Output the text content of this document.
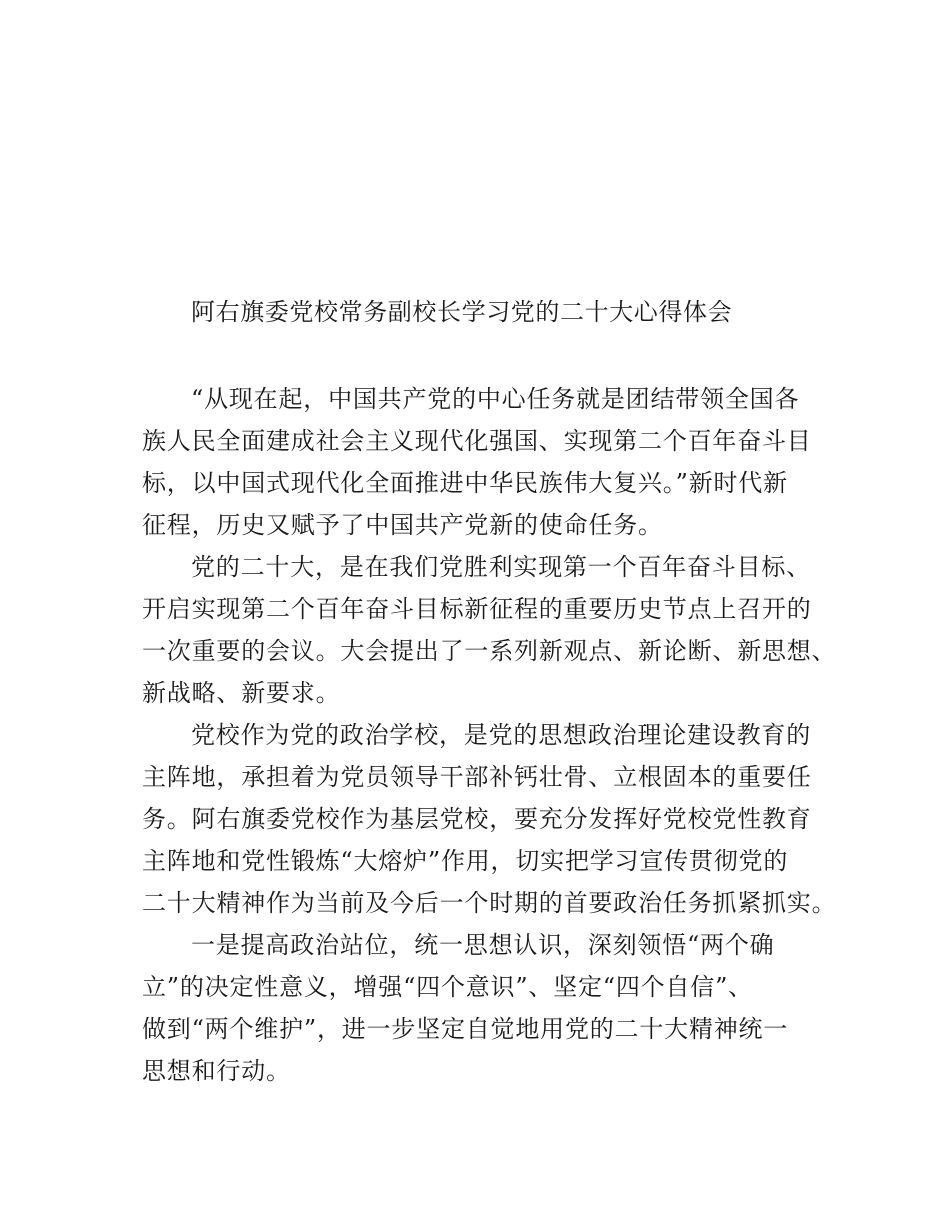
阿右旗委党校常务副校长学习党的二十大心得体会
“从现在起，中国共产党的中心任务就是团结带领全国各
族人民全面建成社会主义现代化强国、实现第二个百年奋斗目
标，以中国式现代化全面推进中华民族伟大复兴。”新时代新
征程，历史又赋予了中国共产党新的使命任务。
党的二十大，是在我们党胜利实现第一个百年奋斗目标、
开启实现第二个百年奋斗目标新征程的重要历史节点上召开的
一次重要的会议。大会提出了一系列新观点、新论断、新思想、
新战略、新要求。
党校作为党的政治学校，是党的思想政治理论建设教育的
主阵地，承担着为党员领导干部补钙壮骨、立根固本的重要任
务。阿右旗委党校作为基层党校，要充分发挥好党校党性教育
主阵地和党性锻炼“大熔炉”作用，切实把学习宣传贯彻党的
二十大精神作为当前及今后一个时期的首要政治任务抓紧抓实。
一是提高政治站位，统一思想认识，深刻领悟“两个确
立”的决定性意义，增强“四个意识”、坚定“四个自信”、
做到“两个维护”，进一步坚定自觉地用党的二十大精神统一
思想和行动。
